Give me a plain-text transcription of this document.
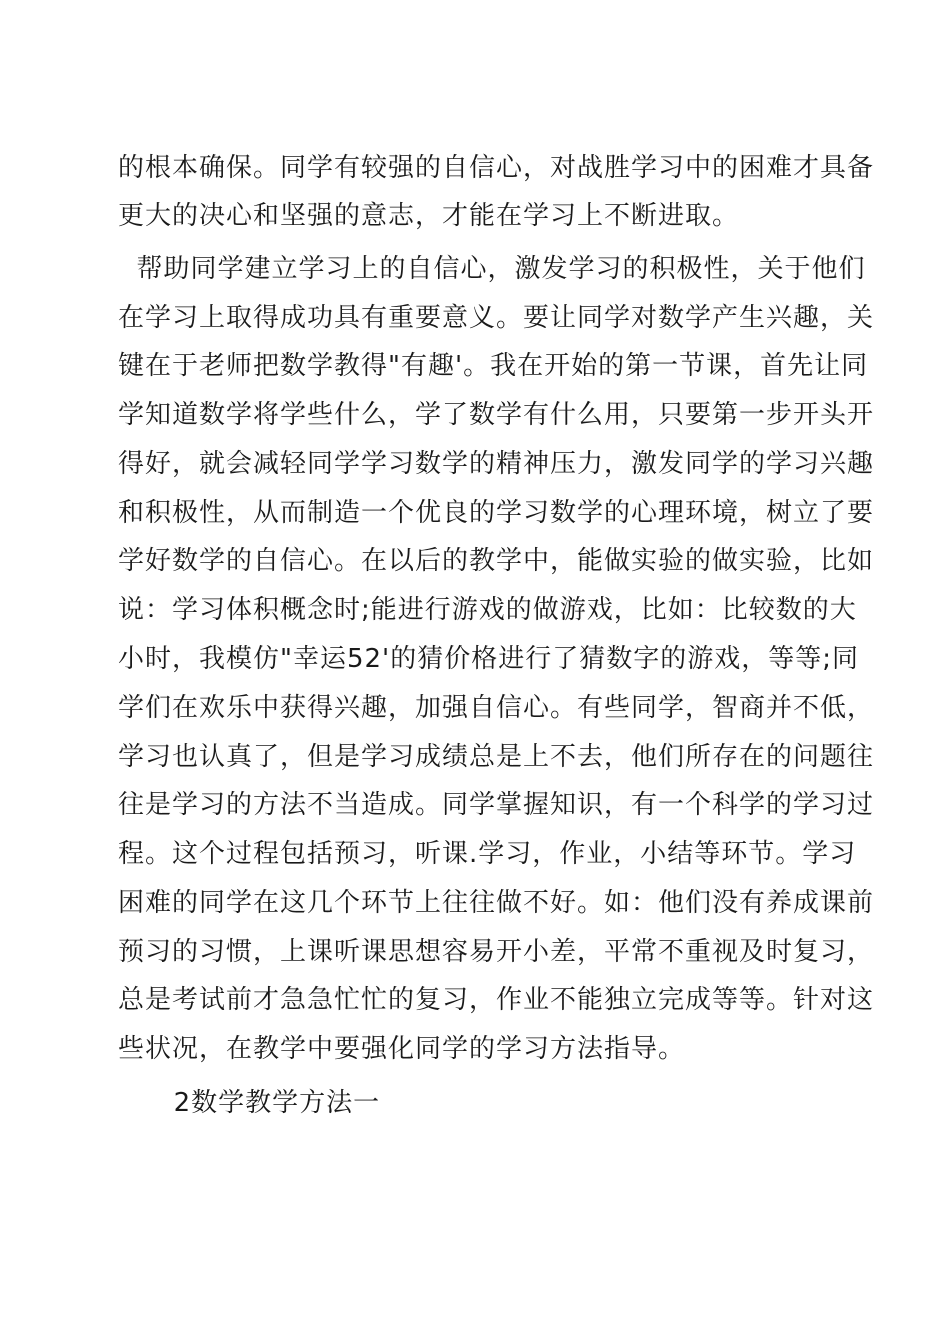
的根本确保。同学有较强的自信心，对战胜学习中的困难才具备

更大的决心和坚强的意志，才能在学习上不断进取。

帮助同学建立学习上的自信心，激发学习的积极性，关于他们

在学习上取得成功具有重要意义。要让同学对数学产生兴趣，关

键在于老师把数学教得"有趣'。我在开始的第一节课，首先让同

学知道数学将学些什么，学了数学有什么用，只要第一步开头开

得好，就会减轻同学学习数学的精神压力，激发同学的学习兴趣

和积极性，从而制造一个优良的学习数学的心理环境，树立了要

学好数学的自信心。在以后的教学中，能做实验的做实验，比如

说：学习体积概念时;能进行游戏的做游戏，比如：比较数的大

小时，我模仿"幸运52'的猜价格进行了猜数字的游戏，等等;同

学们在欢乐中获得兴趣，加强自信心。有些同学，智商并不低，

学习也认真了，但是学习成绩总是上不去，他们所存在的问题往

往是学习的方法不当造成。同学掌握知识，有一个科学的学习过

程。这个过程包括预习，听课.学习，作业，小结等环节。学习

困难的同学在这几个环节上往往做不好。如：他们没有养成课前

预习的习惯，上课听课思想容易开小差，平常不重视及时复习，

总是考试前才急急忙忙的复习，作业不能独立完成等等。针对这

些状况，在教学中要强化同学的学习方法指导。

2数学教学方法一
